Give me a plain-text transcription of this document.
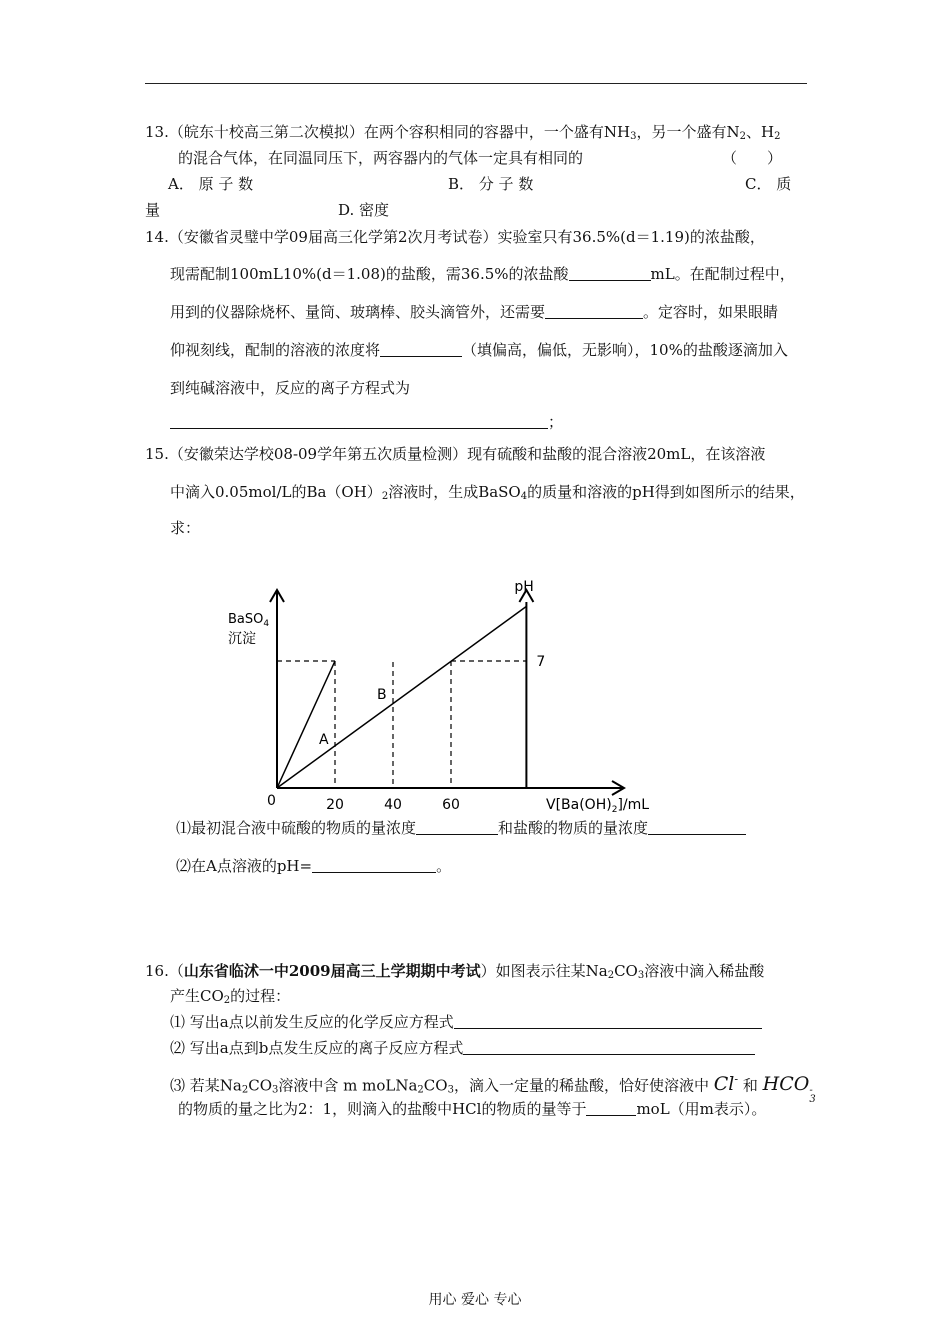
13.（皖东十校高三第二次模拟）在两个容积相同的容器中，一个盛有NH3，另一个盛有N2、H2
的混合气体，在同温同压下，两容器内的气体一定具有相同的	（　　）
A． 原 子 数	B． 分 子 数	C． 质
量	D. 密度
14.（安徽省灵璧中学09届高三化学第2次月考试卷）实验室只有36.5%(d＝1.19)的浓盐酸，
现需配制100mL10%(d＝1.08)的盐酸，需36.5%的浓盐酸	mL。在配制过程中，
用到的仪器除烧杯、量筒、玻璃棒、胶头滴管外，还需要	。定容时，如果眼睛
仰视刻线，配制的溶液的浓度将	（填偏高，偏低，无影响），10%的盐酸逐滴加入
到纯碱溶液中，反应的离子方程式为
；
15.（安徽荣达学校08-09学年第五次质量检测）现有硫酸和盐酸的混合溶液20mL，在该溶液
中滴入0.05mol/L的Ba（OH）2溶液时，生成BaSO4的质量和溶液的pH得到如图所示的结果，
求：
7
A
B
20	40	60
0
BaSO$_4$
沉淀
pH
$V[Ba(OH)_2]/mL$
⑴最初混合液中硫酸的物质的量浓度	和盐酸的物质的量浓度
⑵在A点溶液的pH=	。
16.（山东省临沭一中2009届高三上学期期中考试）如图表示往某Na2CO3溶液中滴入稀盐酸
产生CO2的过程：
⑴ 写出a点以前发生反应的化学反应方程式
⑵ 写出a点到b点发生反应的离子反应方程式
⑶ 若某Na2CO3溶液中含 m moLNa2CO3，滴入一定量的稀盐酸，恰好使溶液中 Cl- 和 HCO -
3
的物质的量之比为2：1，则滴入的盐酸中HCl的物质的量等于	moL（用m表示）。
用心 爱心 专心
